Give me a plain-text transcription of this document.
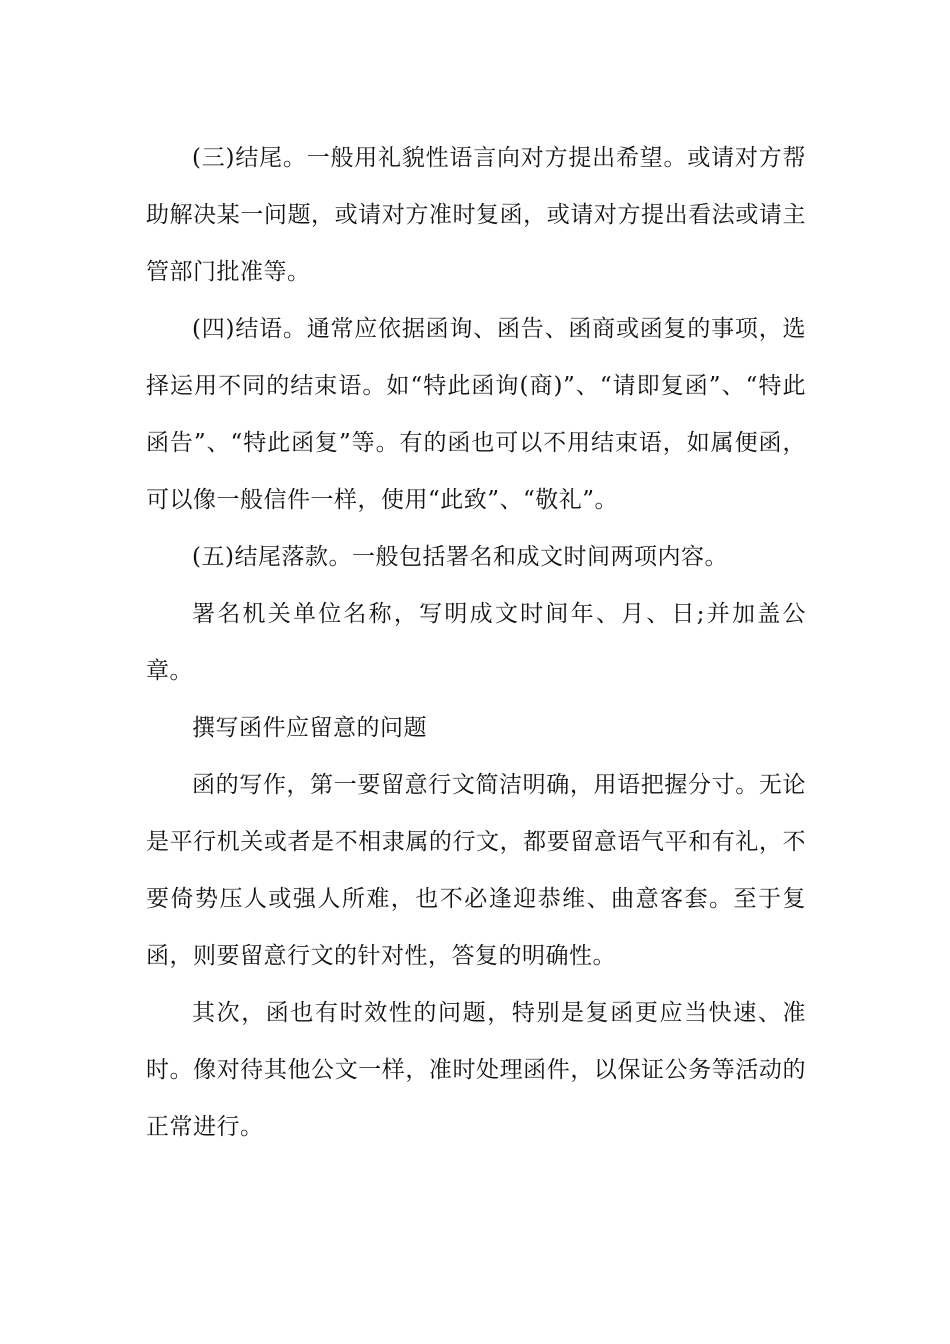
(三)结尾。一般用礼貌性语言向对方提出希望。或请对方帮助解决某一问题，或请对方准时复函，或请对方提出看法或请主管部门批准等。

(四)结语。通常应依据函询、函告、函商或函复的事项，选择运用不同的结束语。如“特此函询(商)”、“请即复函”、“特此函告”、“特此函复”等。有的函也可以不用结束语，如属便函，可以像一般信件一样，使用“此致”、“敬礼”。

(五)结尾落款。一般包括署名和成文时间两项内容。

署名机关单位名称，写明成文时间年、月、日;并加盖公章。

撰写函件应留意的问题

函的写作，第一要留意行文简洁明确，用语把握分寸。无论是平行机关或者是不相隶属的行文，都要留意语气平和有礼，不要倚势压人或强人所难，也不必逢迎恭维、曲意客套。至于复函，则要留意行文的针对性，答复的明确性。

其次，函也有时效性的问题，特别是复函更应当快速、准时。像对待其他公文一样，准时处理函件，以保证公务等活动的正常进行。
